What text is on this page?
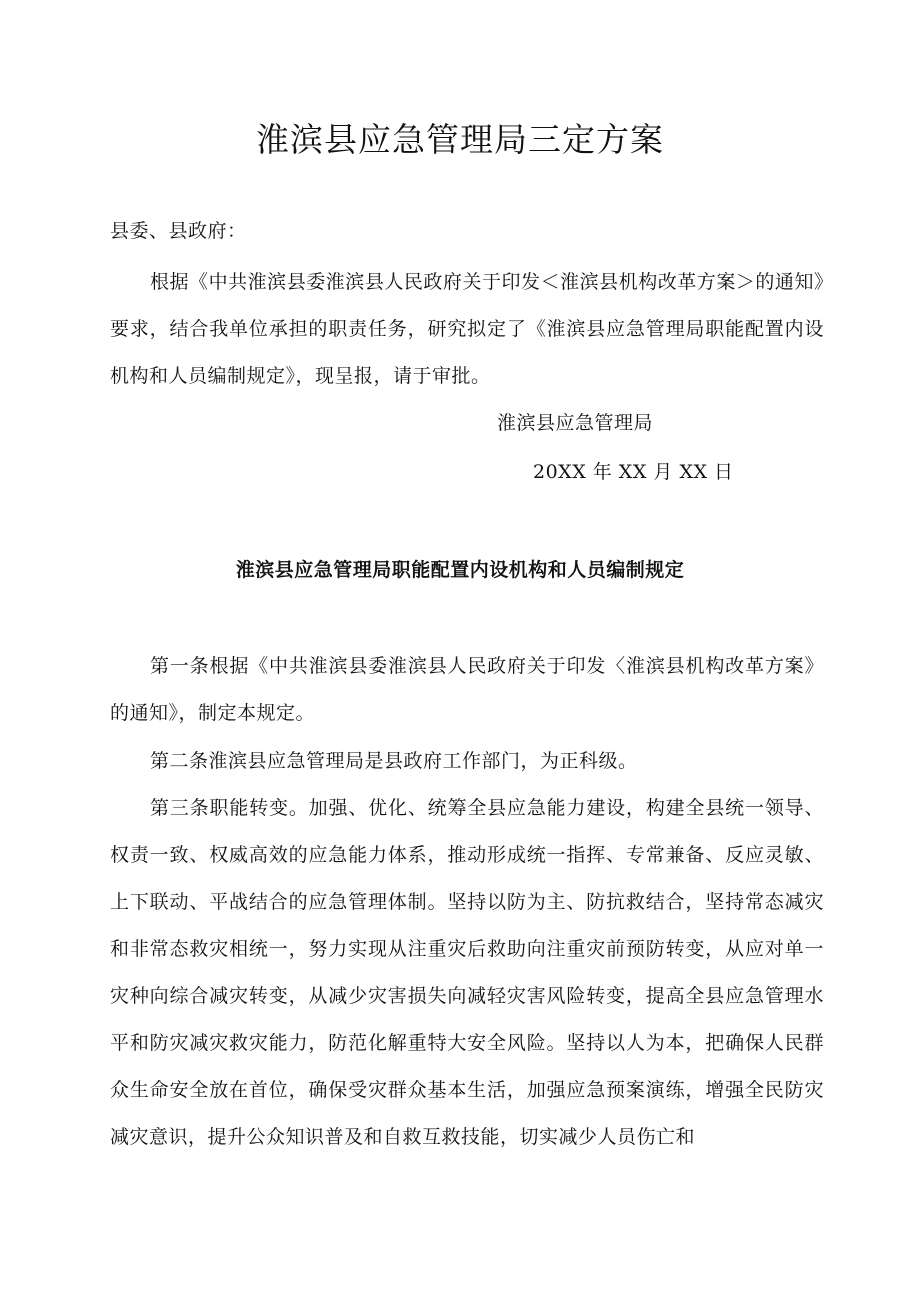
淮滨县应急管理局三定方案

县委、县政府：

根据《中共淮滨县委淮滨县人民政府关于印发＜淮滨县机构改革方案＞的通知》要求，结合我单位承担的职责任务，研究拟定了《淮滨县应急管理局职能配置内设机构和人员编制规定》，现呈报，请于审批。

淮滨县应急管理局

20XX 年 XX 月 XX 日

淮滨县应急管理局职能配置内设机构和人员编制规定

第一条根据《中共淮滨县委淮滨县人民政府关于印发〈淮滨县机构改革方案》的通知》，制定本规定。

第二条淮滨县应急管理局是县政府工作部门，为正科级。

第三条职能转变。加强、优化、统筹全县应急能力建设，构建全县统一领导、权责一致、权威高效的应急能力体系，推动形成统一指挥、专常兼备、反应灵敏、上下联动、平战结合的应急管理体制。坚持以防为主、防抗救结合，坚持常态减灾和非常态救灾相统一，努力实现从注重灾后救助向注重灾前预防转变，从应对单一灾种向综合减灾转变，从减少灾害损失向减轻灾害风险转变，提高全县应急管理水平和防灾减灾救灾能力，防范化解重特大安全风险。坚持以人为本，把确保人民群众生命安全放在首位，确保受灾群众基本生活，加强应急预案演练，增强全民防灾减灾意识，提升公众知识普及和自救互救技能，切实减少人员伤亡和
